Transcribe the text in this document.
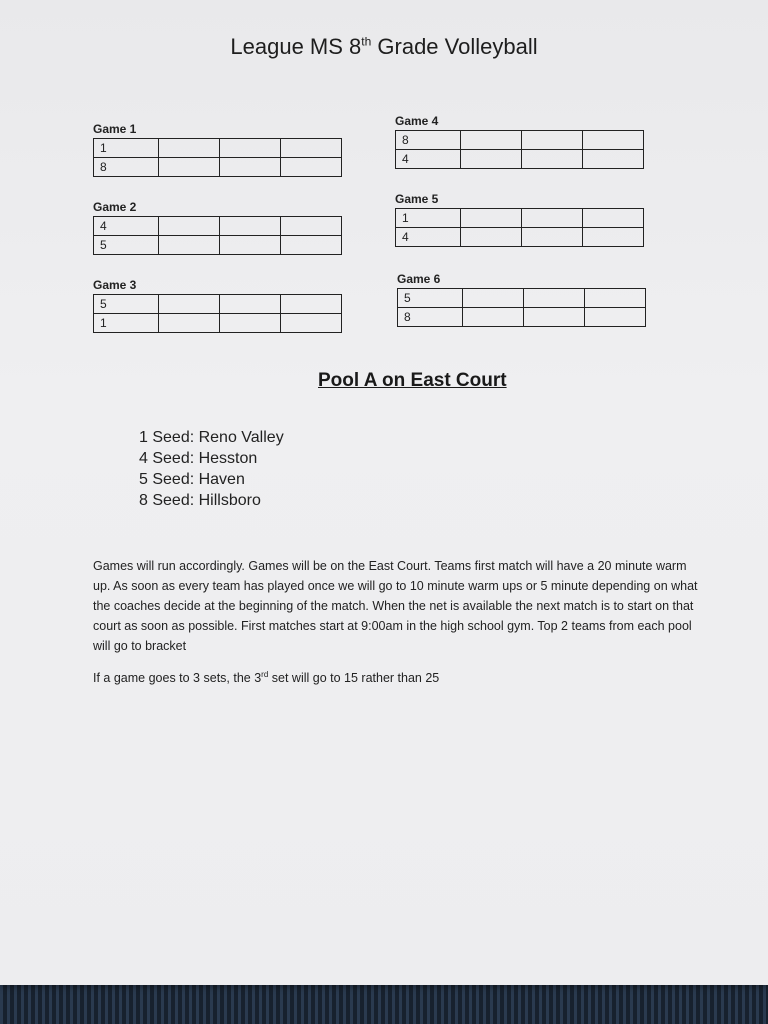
League MS 8th Grade Volleyball
Game 1
1			
8			
Game 2
4			
5			
Game 3
5			
1			
Game 4
8			
4			
Game 5
1			
4			
Game 6
5			
8			
Pool A on East Court
1 Seed: Reno Valley
4 Seed: Hesston
5 Seed: Haven
8 Seed: Hillsboro
Games will run accordingly. Games will be on the East Court. Teams first match will have a 20 minute warm up. As soon as every team has played once we will go to 10 minute warm ups or 5 minute depending on what the coaches decide at the beginning of the match. When the net is available the next match is to start on that court as soon as possible. First matches start at 9:00am in the high school gym. Top 2 teams from each pool will go to bracket
If a game goes to 3 sets, the 3rd set will go to 15 rather than 25
